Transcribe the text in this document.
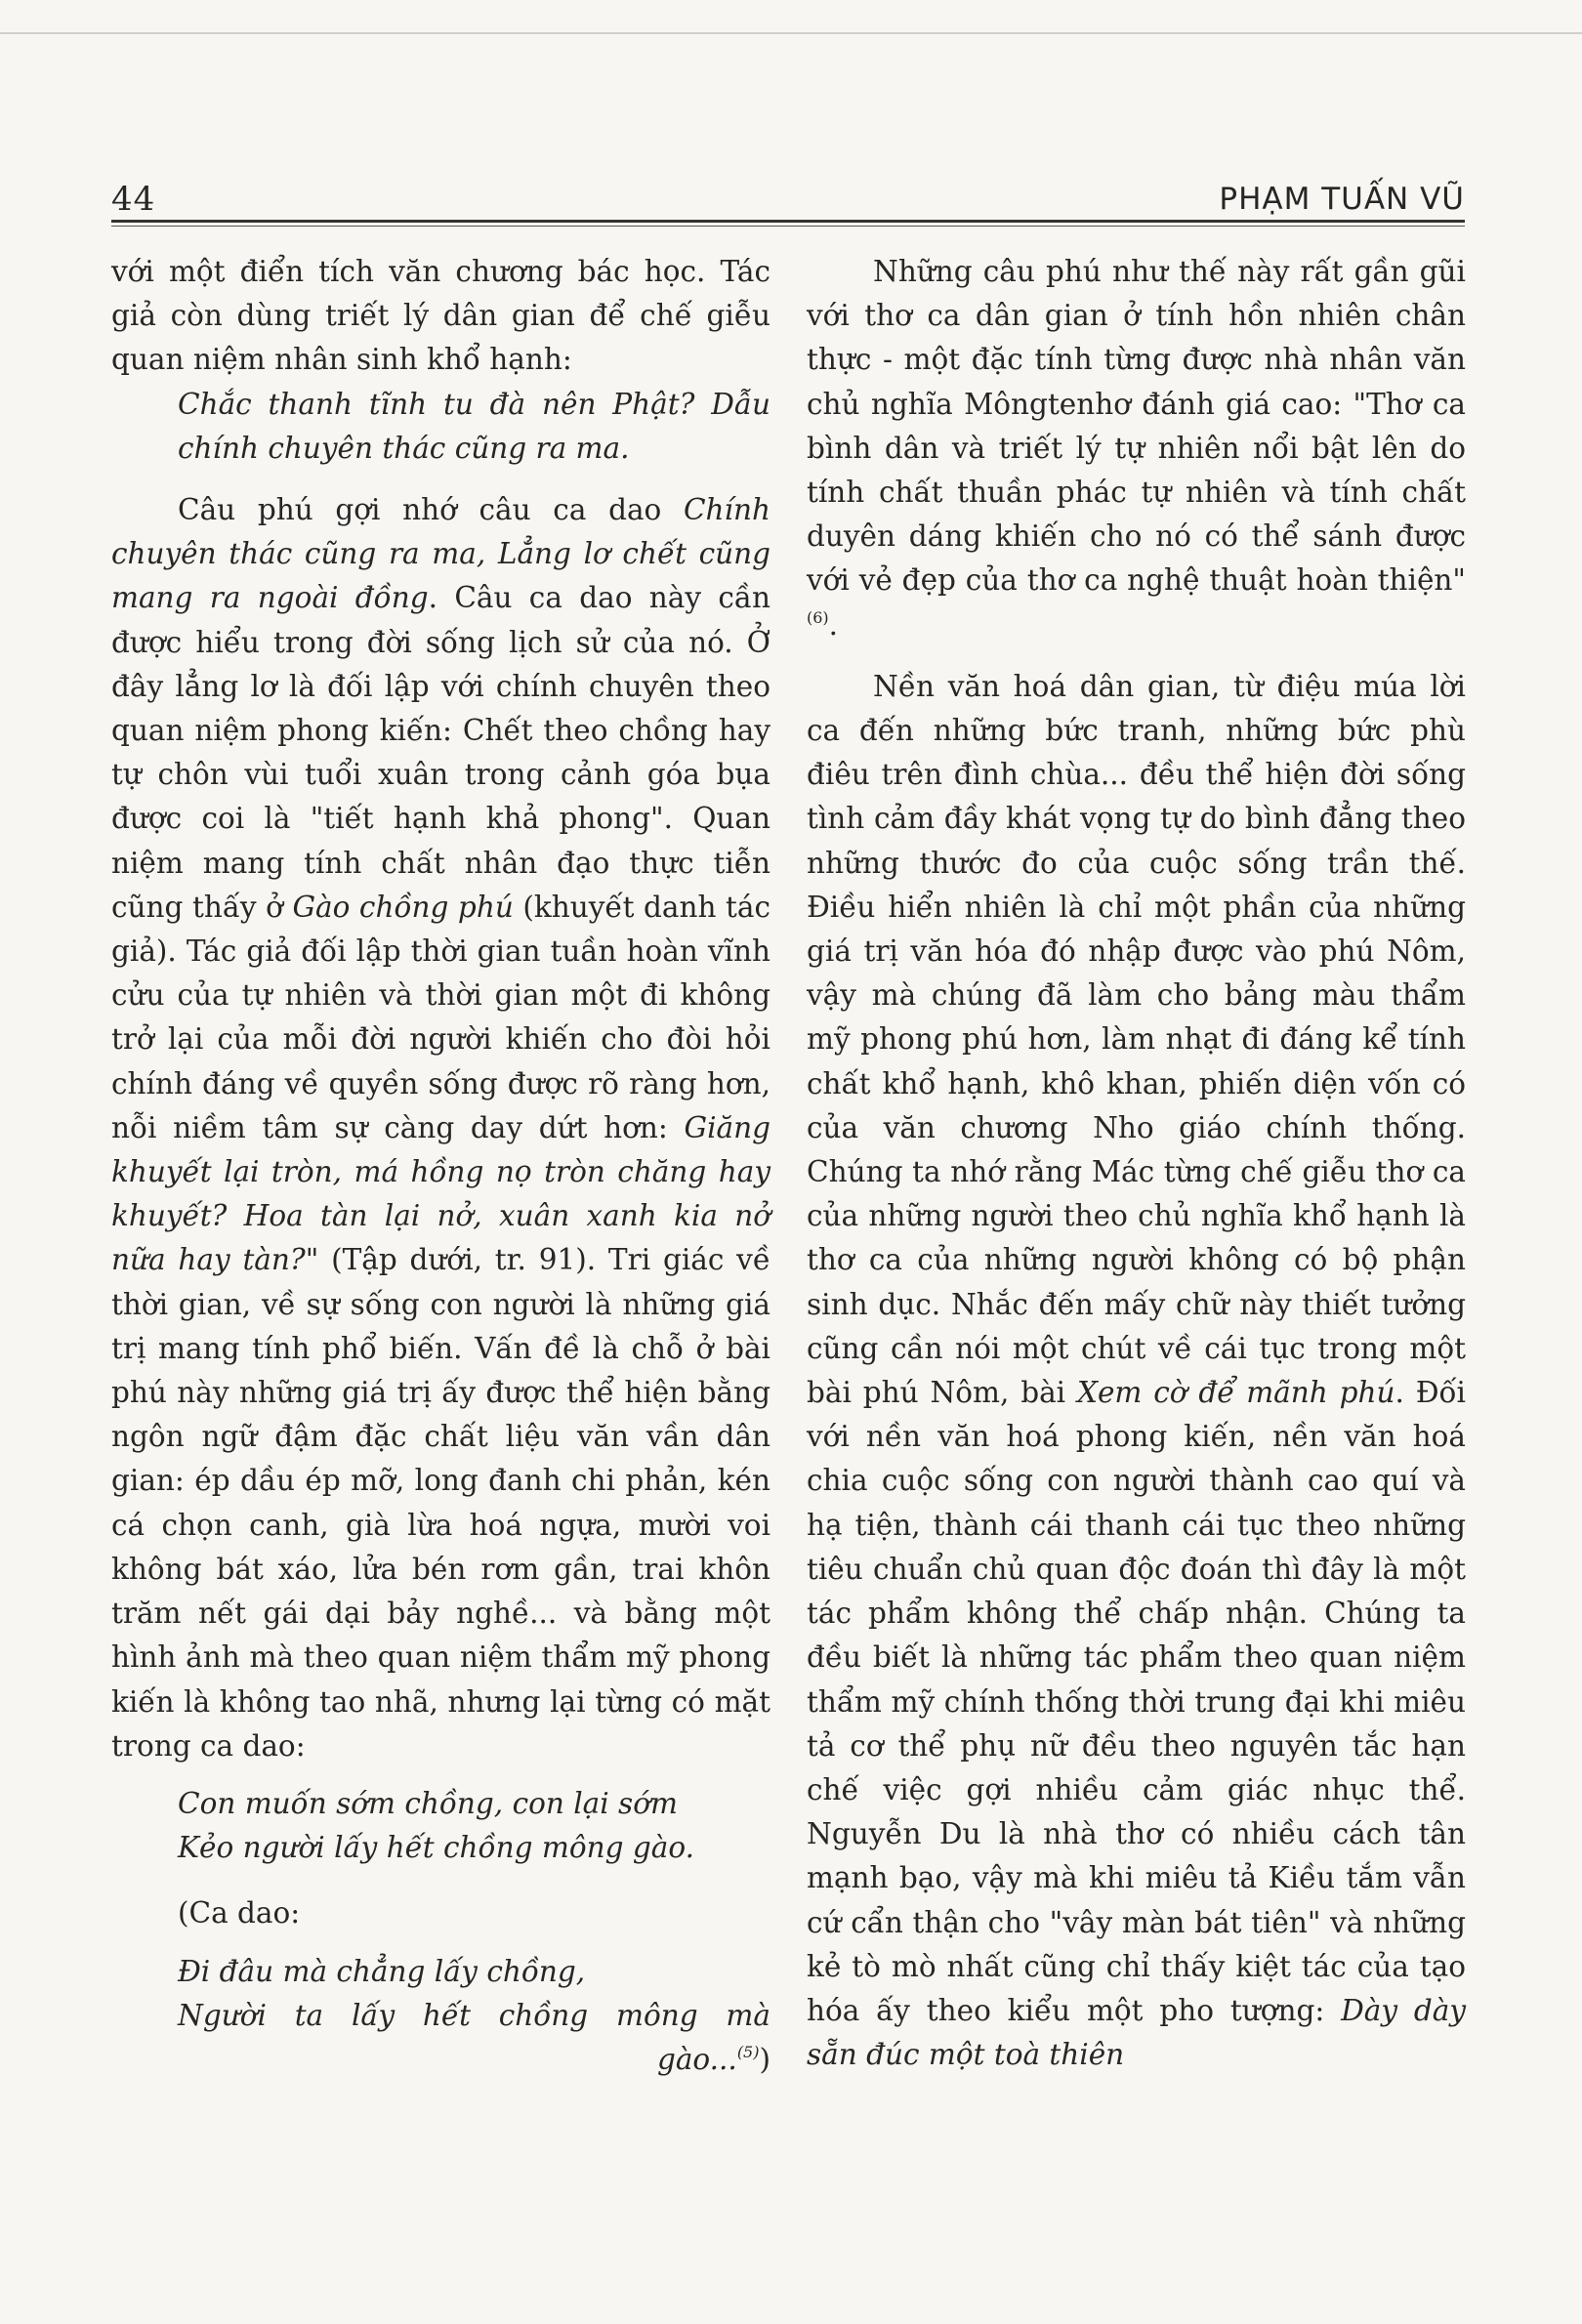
44	PHẠM TUẤN VŨ

với một điển tích văn chương bác học. Tác giả còn dùng triết lý dân gian để chế giễu quan niệm nhân sinh khổ hạnh:

Chắc thanh tĩnh tu đà nên Phật? Dẫu chính chuyên thác cũng ra ma.

Câu phú gợi nhớ câu ca dao Chính chuyên thác cũng ra ma, Lẳng lơ chết cũng mang ra ngoài đồng. Câu ca dao này cần được hiểu trong đời sống lịch sử của nó. Ở đây lẳng lơ là đối lập với chính chuyên theo quan niệm phong kiến: Chết theo chồng hay tự chôn vùi tuổi xuân trong cảnh góa bụa được coi là "tiết hạnh khả phong". Quan niệm mang tính chất nhân đạo thực tiễn cũng thấy ở Gào chồng phú (khuyết danh tác giả). Tác giả đối lập thời gian tuần hoàn vĩnh cửu của tự nhiên và thời gian một đi không trở lại của mỗi đời người khiến cho đòi hỏi chính đáng về quyền sống được rõ ràng hơn, nỗi niềm tâm sự càng day dứt hơn: Giăng khuyết lại tròn, má hồng nọ tròn chăng hay khuyết? Hoa tàn lại nở, xuân xanh kia nở nữa hay tàn?" (Tập dưới, tr. 91). Tri giác về thời gian, về sự sống con người là những giá trị mang tính phổ biến. Vấn đề là chỗ ở bài phú này những giá trị ấy được thể hiện bằng ngôn ngữ đậm đặc chất liệu văn vần dân gian: ép dầu ép mỡ, long đanh chi phản, kén cá chọn canh, già lừa hoá ngựa, mười voi không bát xáo, lửa bén rơm gần, trai khôn trăm nết gái dại bảy nghề... và bằng một hình ảnh mà theo quan niệm thẩm mỹ phong kiến là không tao nhã, nhưng lại từng có mặt trong ca dao:

Con muốn sớm chồng, con lại sớm
Kẻo người lấy hết chồng mông gào.

(Ca dao:

Đi đâu mà chẳng lấy chồng,
Người ta lấy hết chồng mông mà
gào...$^{(5)}$)

Những câu phú như thế này rất gần gũi với thơ ca dân gian ở tính hồn nhiên chân thực - một đặc tính từng được nhà nhân văn chủ nghĩa Môngtenhơ đánh giá cao: "Thơ ca bình dân và triết lý tự nhiên nổi bật lên do tính chất thuần phác tự nhiên và tính chất duyên dáng khiến cho nó có thể sánh được với vẻ đẹp của thơ ca nghệ thuật hoàn thiện"$^{(6)}$.

Nền văn hoá dân gian, từ điệu múa lời ca đến những bức tranh, những bức phù điêu trên đình chùa... đều thể hiện đời sống tình cảm đầy khát vọng tự do bình đẳng theo những thước đo của cuộc sống trần thế. Điều hiển nhiên là chỉ một phần của những giá trị văn hóa đó nhập được vào phú Nôm, vậy mà chúng đã làm cho bảng màu thẩm mỹ phong phú hơn, làm nhạt đi đáng kể tính chất khổ hạnh, khô khan, phiến diện vốn có của văn chương Nho giáo chính thống. Chúng ta nhớ rằng Mác từng chế giễu thơ ca của những người theo chủ nghĩa khổ hạnh là thơ ca của những người không có bộ phận sinh dục. Nhắc đến mấy chữ này thiết tưởng cũng cần nói một chút về cái tục trong một bài phú Nôm, bài Xem cờ để mãnh phú. Đối với nền văn hoá phong kiến, nền văn hoá chia cuộc sống con người thành cao quí và hạ tiện, thành cái thanh cái tục theo những tiêu chuẩn chủ quan độc đoán thì đây là một tác phẩm không thể chấp nhận. Chúng ta đều biết là những tác phẩm theo quan niệm thẩm mỹ chính thống thời trung đại khi miêu tả cơ thể phụ nữ đều theo nguyên tắc hạn chế việc gợi nhiều cảm giác nhục thể. Nguyễn Du là nhà thơ có nhiều cách tân mạnh bạo, vậy mà khi miêu tả Kiều tắm vẫn cứ cẩn thận cho "vây màn bát tiên" và những kẻ tò mò nhất cũng chỉ thấy kiệt tác của tạo hóa ấy theo kiểu một pho tượng: Dày dày sẵn đúc một toà thiên
